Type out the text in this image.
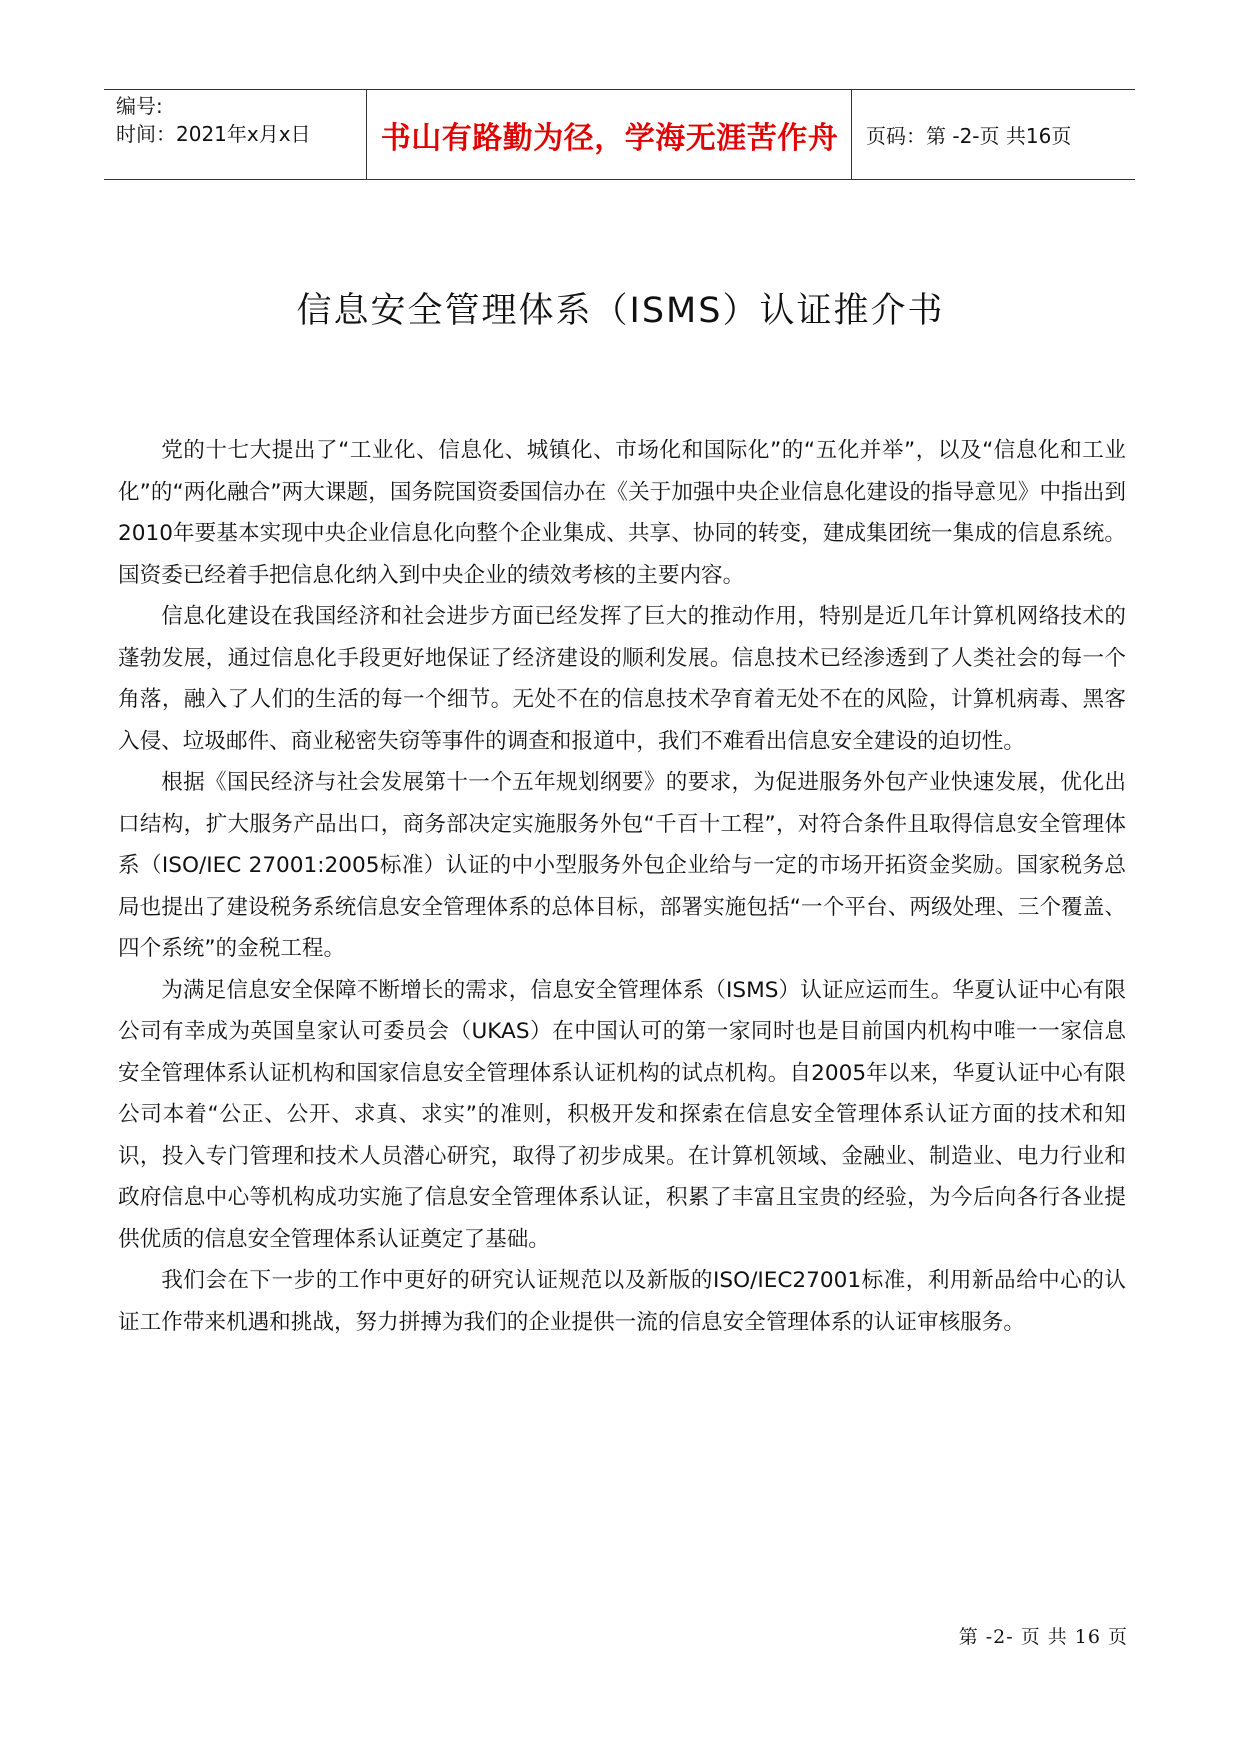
编号:
时间：2021年x月x日	书山有路勤为径，学海无涯苦作舟	页码：第 -2-页 共16页
信息安全管理体系（ISMS）认证推介书

党的十七大提出了“工业化、信息化、城镇化、市场化和国际化”的“五化并举”，以及“信息化和工业化”的“两化融合”两大课题，国务院国资委国信办在《关于加强中央企业信息化建设的指导意见》中指出到2010年要基本实现中央企业信息化向整个企业集成、共享、协同的转变，建成集团统一集成的信息系统。国资委已经着手把信息化纳入到中央企业的绩效考核的主要内容。

信息化建设在我国经济和社会进步方面已经发挥了巨大的推动作用，特别是近几年计算机网络技术的蓬勃发展，通过信息化手段更好地保证了经济建设的顺利发展。信息技术已经渗透到了人类社会的每一个角落，融入了人们的生活的每一个细节。无处不在的信息技术孕育着无处不在的风险，计算机病毒、黑客入侵、垃圾邮件、商业秘密失窃等事件的调查和报道中，我们不难看出信息安全建设的迫切性。

根据《国民经济与社会发展第十一个五年规划纲要》的要求，为促进服务外包产业快速发展，优化出口结构，扩大服务产品出口，商务部决定实施服务外包“千百十工程”，对符合条件且取得信息安全管理体系（ISO/IEC 27001:2005标准）认证的中小型服务外包企业给与一定的市场开拓资金奖励。国家税务总局也提出了建设税务系统信息安全管理体系的总体目标，部署实施包括“一个平台、两级处理、三个覆盖、四个系统”的金税工程。

为满足信息安全保障不断增长的需求，信息安全管理体系（ISMS）认证应运而生。华夏认证中心有限公司有幸成为英国皇家认可委员会（UKAS）在中国认可的第一家同时也是目前国内机构中唯一一家信息安全管理体系认证机构和国家信息安全管理体系认证机构的试点机构。自2005年以来，华夏认证中心有限公司本着“公正、公开、求真、求实”的准则，积极开发和探索在信息安全管理体系认证方面的技术和知识，投入专门管理和技术人员潜心研究，取得了初步成果。在计算机领域、金融业、制造业、电力行业和政府信息中心等机构成功实施了信息安全管理体系认证，积累了丰富且宝贵的经验，为今后向各行各业提供优质的信息安全管理体系认证奠定了基础。

我们会在下一步的工作中更好的研究认证规范以及新版的ISO/IEC27001标准，利用新品给中心的认证工作带来机遇和挑战，努力拼搏为我们的企业提供一流的信息安全管理体系的认证审核服务。

第 -2- 页 共 16 页
